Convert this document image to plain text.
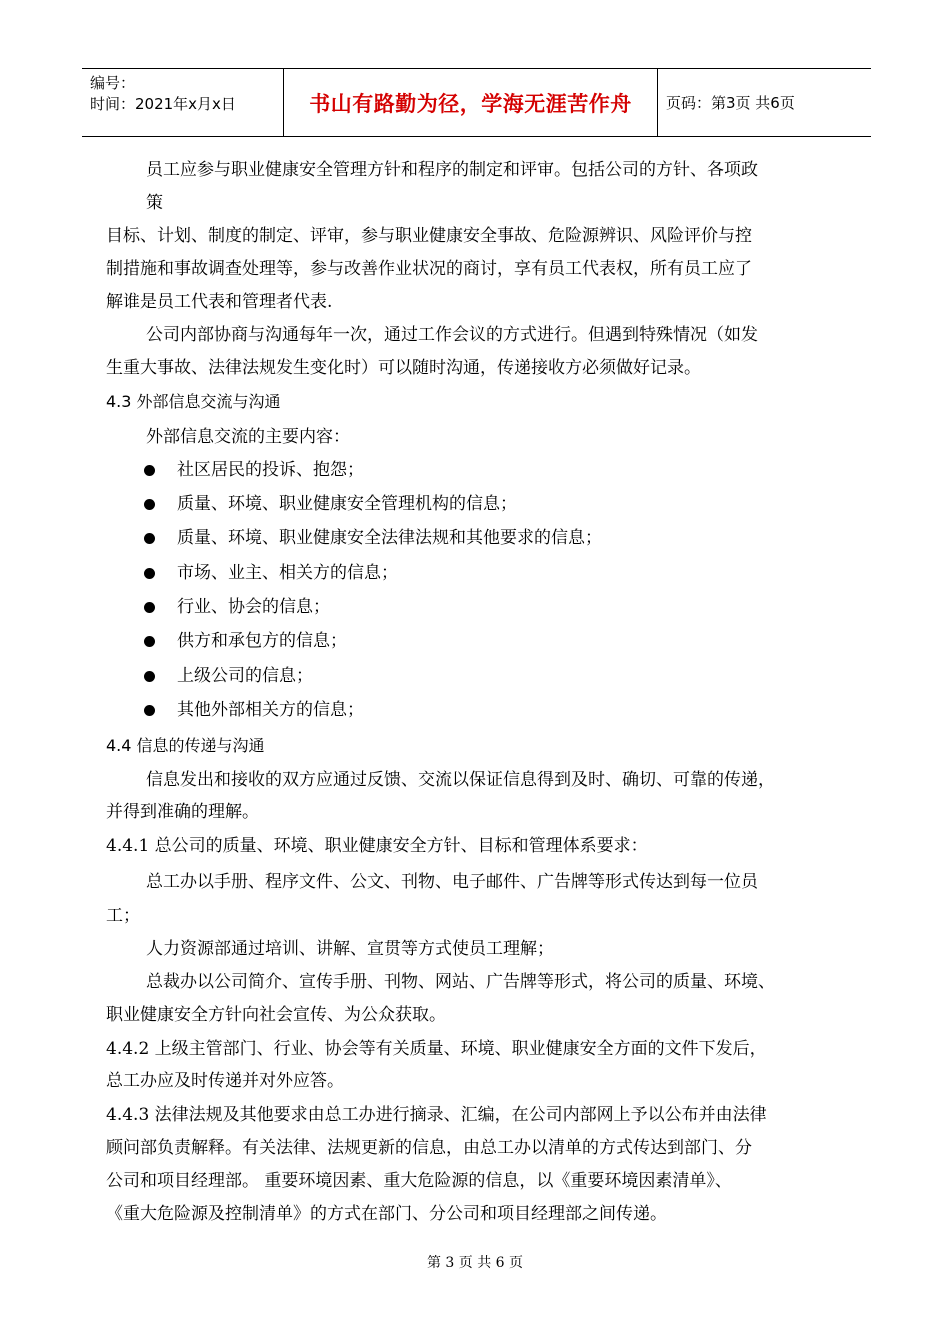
编号：
时间：2021年x月x日	书山有路勤为径，学海无涯苦作舟 页码：第3页 共6页
员工应参与职业健康安全管理方针和程序的制定和评审。包括公司的方针、各项政
策
目标、计划、制度的制定、评审，参与职业健康安全事故、危险源辨识、风险评价与控
制措施和事故调查处理等，参与改善作业状况的商讨，享有员工代表权，所有员工应了
解谁是员工代表和管理者代表.
公司内部协商与沟通每年一次，通过工作会议的方式进行。但遇到特殊情况（如发
生重大事故、法律法规发生变化时）可以随时沟通，传递接收方必须做好记录。
4.3 外部信息交流与沟通
外部信息交流的主要内容：
社区居民的投诉、抱怨；
质量、环境、职业健康安全管理机构的信息；
质量、环境、职业健康安全法律法规和其他要求的信息；
市场、业主、相关方的信息；
行业、协会的信息；
供方和承包方的信息；
上级公司的信息；
其他外部相关方的信息；
4.4 信息的传递与沟通
信息发出和接收的双方应通过反馈、交流以保证信息得到及时、确切、可靠的传递，
并得到准确的理解。
4.4.1 总公司的质量、环境、职业健康安全方针、目标和管理体系要求：
总工办以手册、程序文件、公文、刊物、电子邮件、广告牌等形式传达到每一位员
工；
人力资源部通过培训、讲解、宣贯等方式使员工理解；
总裁办以公司简介、宣传手册、刊物、网站、广告牌等形式，将公司的质量、环境、
职业健康安全方针向社会宣传、为公众获取。
4.4.2 上级主管部门、行业、协会等有关质量、环境、职业健康安全方面的文件下发后，
总工办应及时传递并对外应答。
4.4.3 法律法规及其他要求由总工办进行摘录、汇编，在公司内部网上予以公布并由法律
顾问部负责解释。有关法律、法规更新的信息，由总工办以清单的方式传达到部门、分
公司和项目经理部。 重要环境因素、重大危险源的信息，以《重要环境因素清单》、
《重大危险源及控制清单》的方式在部门、分公司和项目经理部之间传递。
第 3 页 共 6 页
